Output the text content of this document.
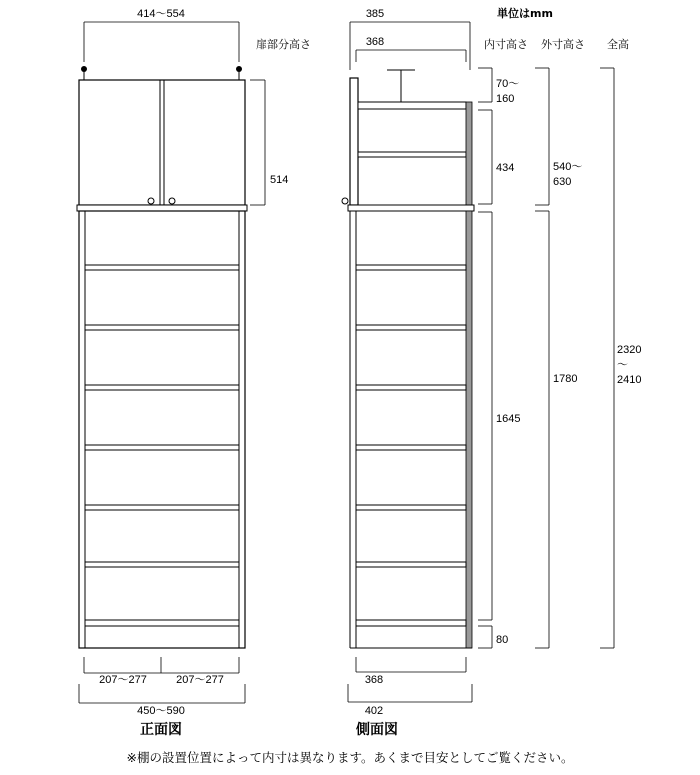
414～554
514
207～277	207～277
450～590
正面図
385
368
70～
160
434
1645
80
540～
630
1780
2320
～
2410
368
402
側面図
単位はmm
扉部分高さ	内寸高さ 外寸高さ 全高
※棚の設置位置によって内寸は異なります。あくまで目安としてご覧ください。
